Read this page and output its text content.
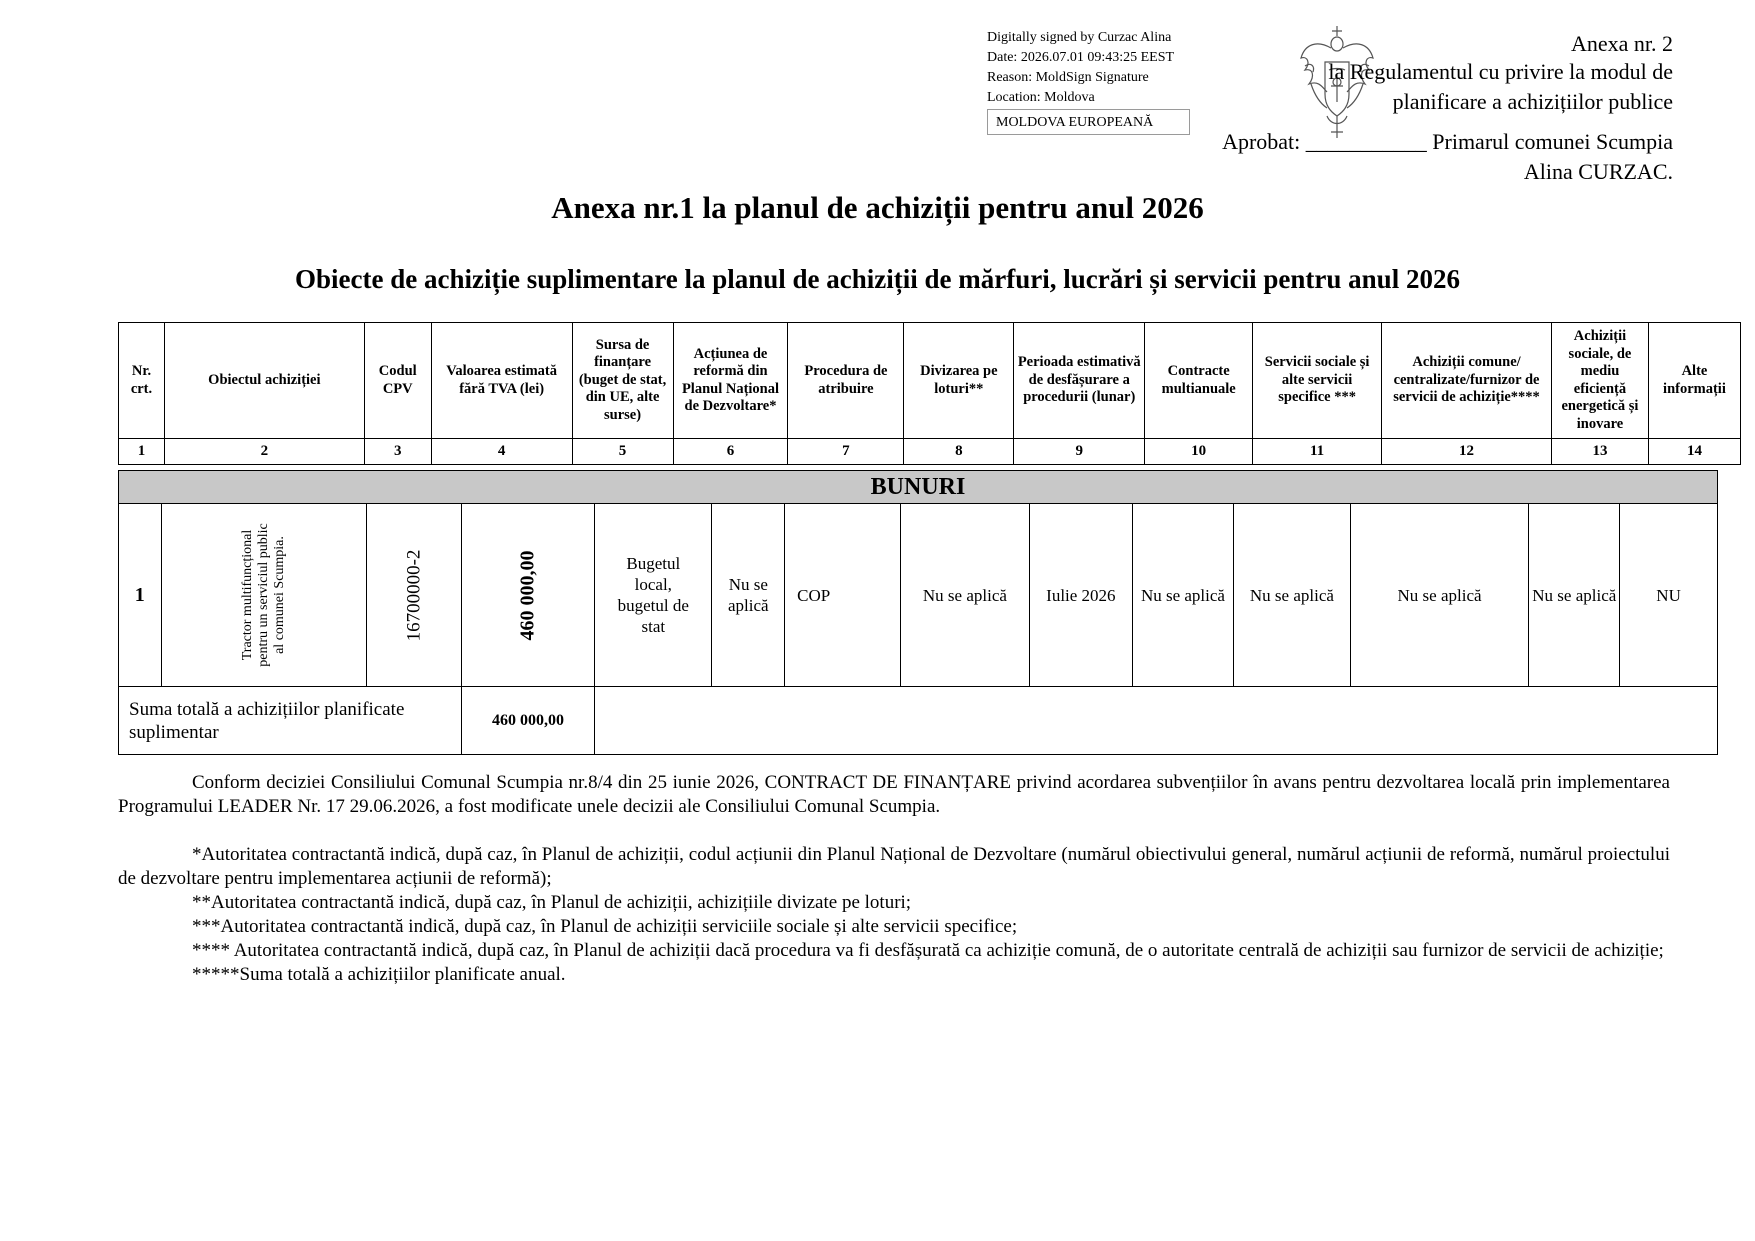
Digitally signed by Curzac Alina
Date: 2026.07.01 09:43:25 EEST
Reason: MoldSign Signature
Location: Moldova
MOLDOVA EUROPEANĂ
Anexa nr. 2
la Regulamentul cu privire la modul de
planificare a achizițiilor publice
Aprobat: ___________ Primarul comunei Scumpia
Alina CURZAC.
Anexa nr.1 la planul de achiziții pentru anul 2026
Obiecte de achiziție suplimentare la planul de achiziții de mărfuri, lucrări și servicii pentru anul 2026
Nr. crt.	Obiectul achiziției	Codul CPV	Valoarea estimată fără TVA (lei)	Sursa de finanțare (buget de stat, din UE, alte surse)	Acțiunea de reformă din Planul Național de Dezvoltare*	Procedura de atribuire	Divizarea pe loturi**	Perioada estimativă de desfășurare a procedurii (lunar)	Contracte multianuale	Servicii sociale și alte servicii specifice ***	Achiziții comune/ centralizate/furnizor de servicii de achiziție****	Achiziții sociale, de mediu eficiență energetică și inovare	Alte informații
1	2	3	4	5	6	7	8	9	10	11	12	13	14
BUNURI													
1	Tractor multifuncțional pentru un serviciul public al comunei Scumpia.	16700000-2	460 000,00	Bugetul local, bugetul de stat	Nu se aplică	COP	Nu se aplică	Iulie 2026	Nu se aplică	Nu se aplică	Nu se aplică	Nu se aplică	NU
Suma totală a achizițiilor planificate suplimentar			460 000,00										

Conform deciziei Consiliului Comunal Scumpia nr.8/4 din 25 iunie 2026, CONTRACT DE FINANȚARE privind acordarea subvențiilor în avans pentru dezvoltarea locală prin implementarea Programului LEADER Nr. 17 29.06.2026, a fost modificate unele decizii ale Consiliului Comunal Scumpia.

*Autoritatea contractantă indică, după caz, în Planul de achiziții, codul acțiunii din Planul Național de Dezvoltare (numărul obiectivului general, numărul acțiunii de reformă, numărul proiectului de dezvoltare pentru implementarea acțiunii de reformă);

**Autoritatea contractantă indică, după caz, în Planul de achiziții, achizițiile divizate pe loturi;

***Autoritatea contractantă indică, după caz, în Planul de achiziții serviciile sociale și alte servicii specifice;

**** Autoritatea contractantă indică, după caz, în Planul de achiziții dacă procedura va fi desfășurată ca achiziție comună, de o autoritate centrală de achiziții sau furnizor de servicii de achiziție;

*****Suma totală a achizițiilor planificate anual.
